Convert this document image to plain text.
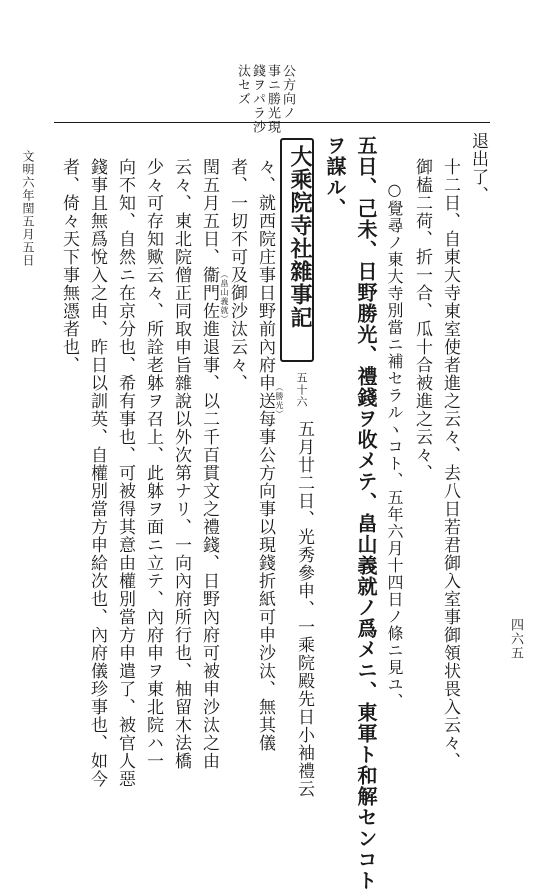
公方向ノ
事ニ勝光現
錢ヲパラ沙
汰セズ
退出了、
十二日、自東大寺東室使者進之云々、去八日若君御入室事御領状畏入云々、
御榼二荷、折一合、瓜十合被進之云々、
○覺尋ノ東大寺別當ニ補セラルヽコト、五年六月十四日ノ條ニ見ユ、
五日、己未、日野勝光、禮錢ヲ收メテ、畠山義就ノ爲メニ、東軍ト和解センコト
ヲ謀ル、
大乘院寺社雜事記
五十六
（勝光）
五月廿二日、光秀參申、一乘院殿先日小袖禮云
々、就西院庄事日野前內府申送每事公方向事以現錢折紙可申沙汰、無其儀
者、一切不可及御沙汰云々、
（畠山義就）
閏五月五日、衞門佐進退事、以二千百貫文之禮錢、日野內府可被申沙汰之由
云々、東北院僧正同取申旨雜說以外次第ナリ、一向內府所行也、柚留木法橋
少々可存知歟云々、所詮老躰ヲ召上、此躰ヲ面ニ立テ、內府申ヲ東北院ハ一
向不知、自然ニ在京分也、希有事也、可被得其意由權別當方申遣了、被官人惡
錢事且無爲悅入之由、昨日以訓英、自權別當方申給次也、內府儀珍事也、如今
者、倚々天下事無憑者也、
文明六年閏五月五日
四六五
